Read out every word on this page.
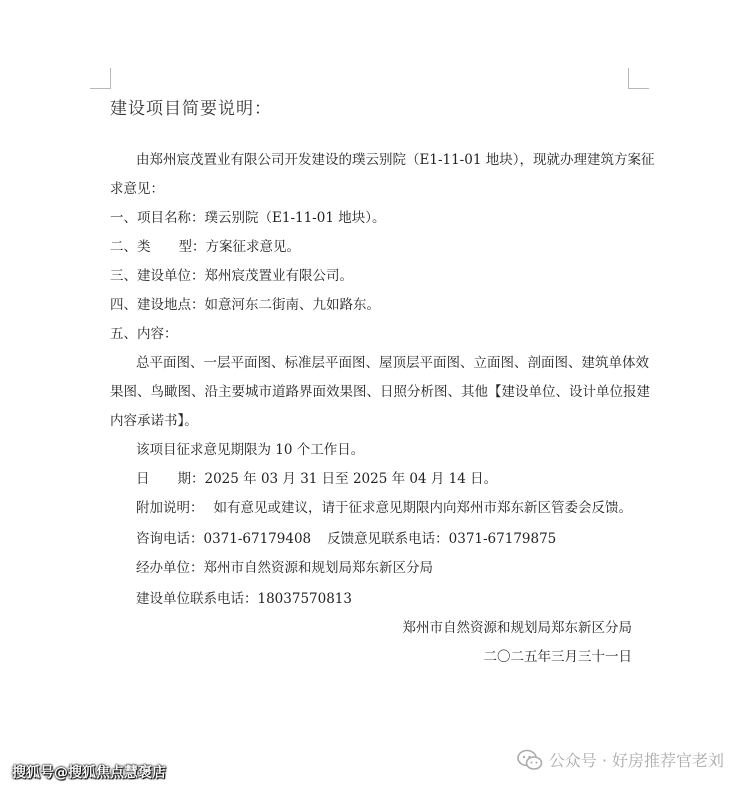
建设项目简要说明：
由郑州宸茂置业有限公司开发建设的璞云别院（E1-11-01 地块），现就办理建筑方案征
求意见：
一、项目名称：璞云别院（E1-11-01 地块）。
二、类 型：方案征求意见。
三、建设单位：郑州宸茂置业有限公司。
四、建设地点：如意河东二街南、九如路东。
五、内容：
总平面图、一层平面图、标准层平面图、屋顶层平面图、立面图、剖面图、建筑单体效
果图、鸟瞰图、沿主要城市道路界面效果图、日照分析图、其他【建设单位、设计单位报建
内容承诺书】。
该项目征求意见期限为 10 个工作日。
日 期：2025 年 03 月 31 日至 2025 年 04 月 14 日。
附加说明： 如有意见或建议，请于征求意见期限内向郑州市郑东新区管委会反馈。
咨询电话：0371-67179408 反馈意见联系电话：0371-67179875
经办单位：郑州市自然资源和规划局郑东新区分局
建设单位联系电话：18037570813
郑州市自然资源和规划局郑东新区分局
二〇二五年三月三十一日
搜狐号@搜狐焦点慧褒店
公众号 · 好房推荐官老刘
